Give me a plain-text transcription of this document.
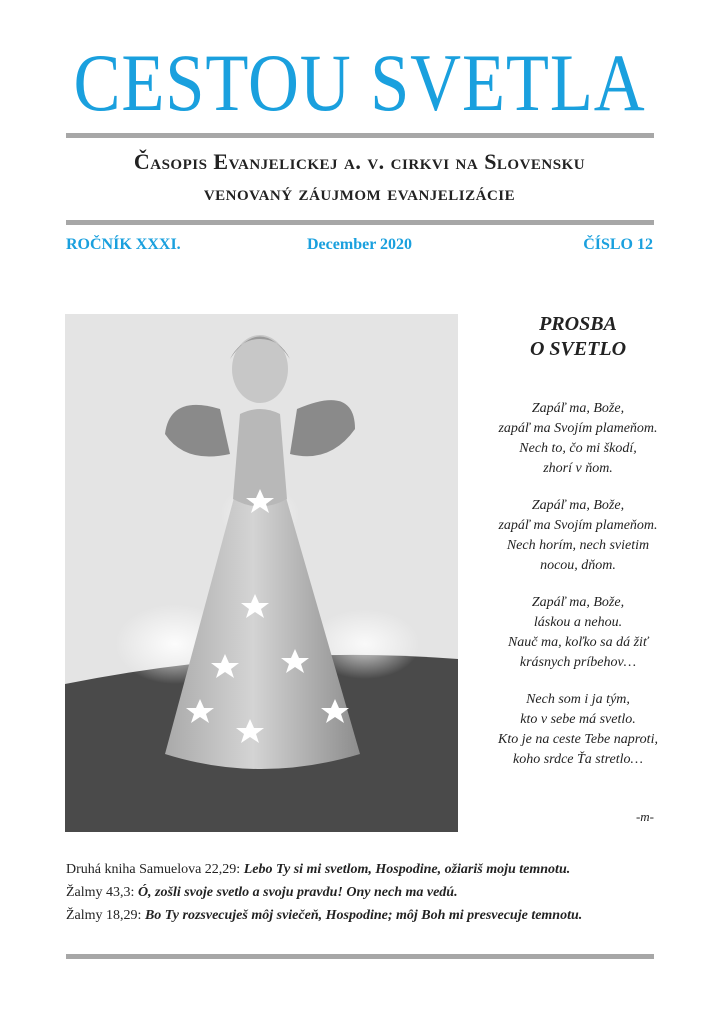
CESTOU SVETLA
Časopis Evanjelickej a. v. cirkvi na Slovensku
venovaný záujmom evanjelizácie
ROČNÍK XXXI.	December 2020	ČÍSLO 12
PROSBA
O SVETLO
Zapáľ ma, Bože,
zapáľ ma Svojím plameňom.
Nech to, čo mi škodí,
zhorí v ňom.
Zapáľ ma, Bože,
zapáľ ma Svojím plameňom.
Nech horím, nech svietim
nocou, dňom.
Zapáľ ma, Bože,
láskou a nehou.
Nauč ma, koľko sa dá žiť
krásnych príbehov…
Nech som i ja tým,
kto v sebe má svetlo.
Kto je na ceste Tebe naproti,
koho srdce Ťa stretlo…
-m-
Druhá kniha Samuelova 22,29: Lebo Ty si mi svetlom, Hospodine, ožiariš moju temnotu.
Žalmy 43,3: Ó, zošli svoje svetlo a svoju pravdu! Ony nech ma vedú.
Žalmy 18,29: Bo Ty rozsvecuješ môj sviečeň, Hospodine; môj Boh mi presvecuje temnotu.
